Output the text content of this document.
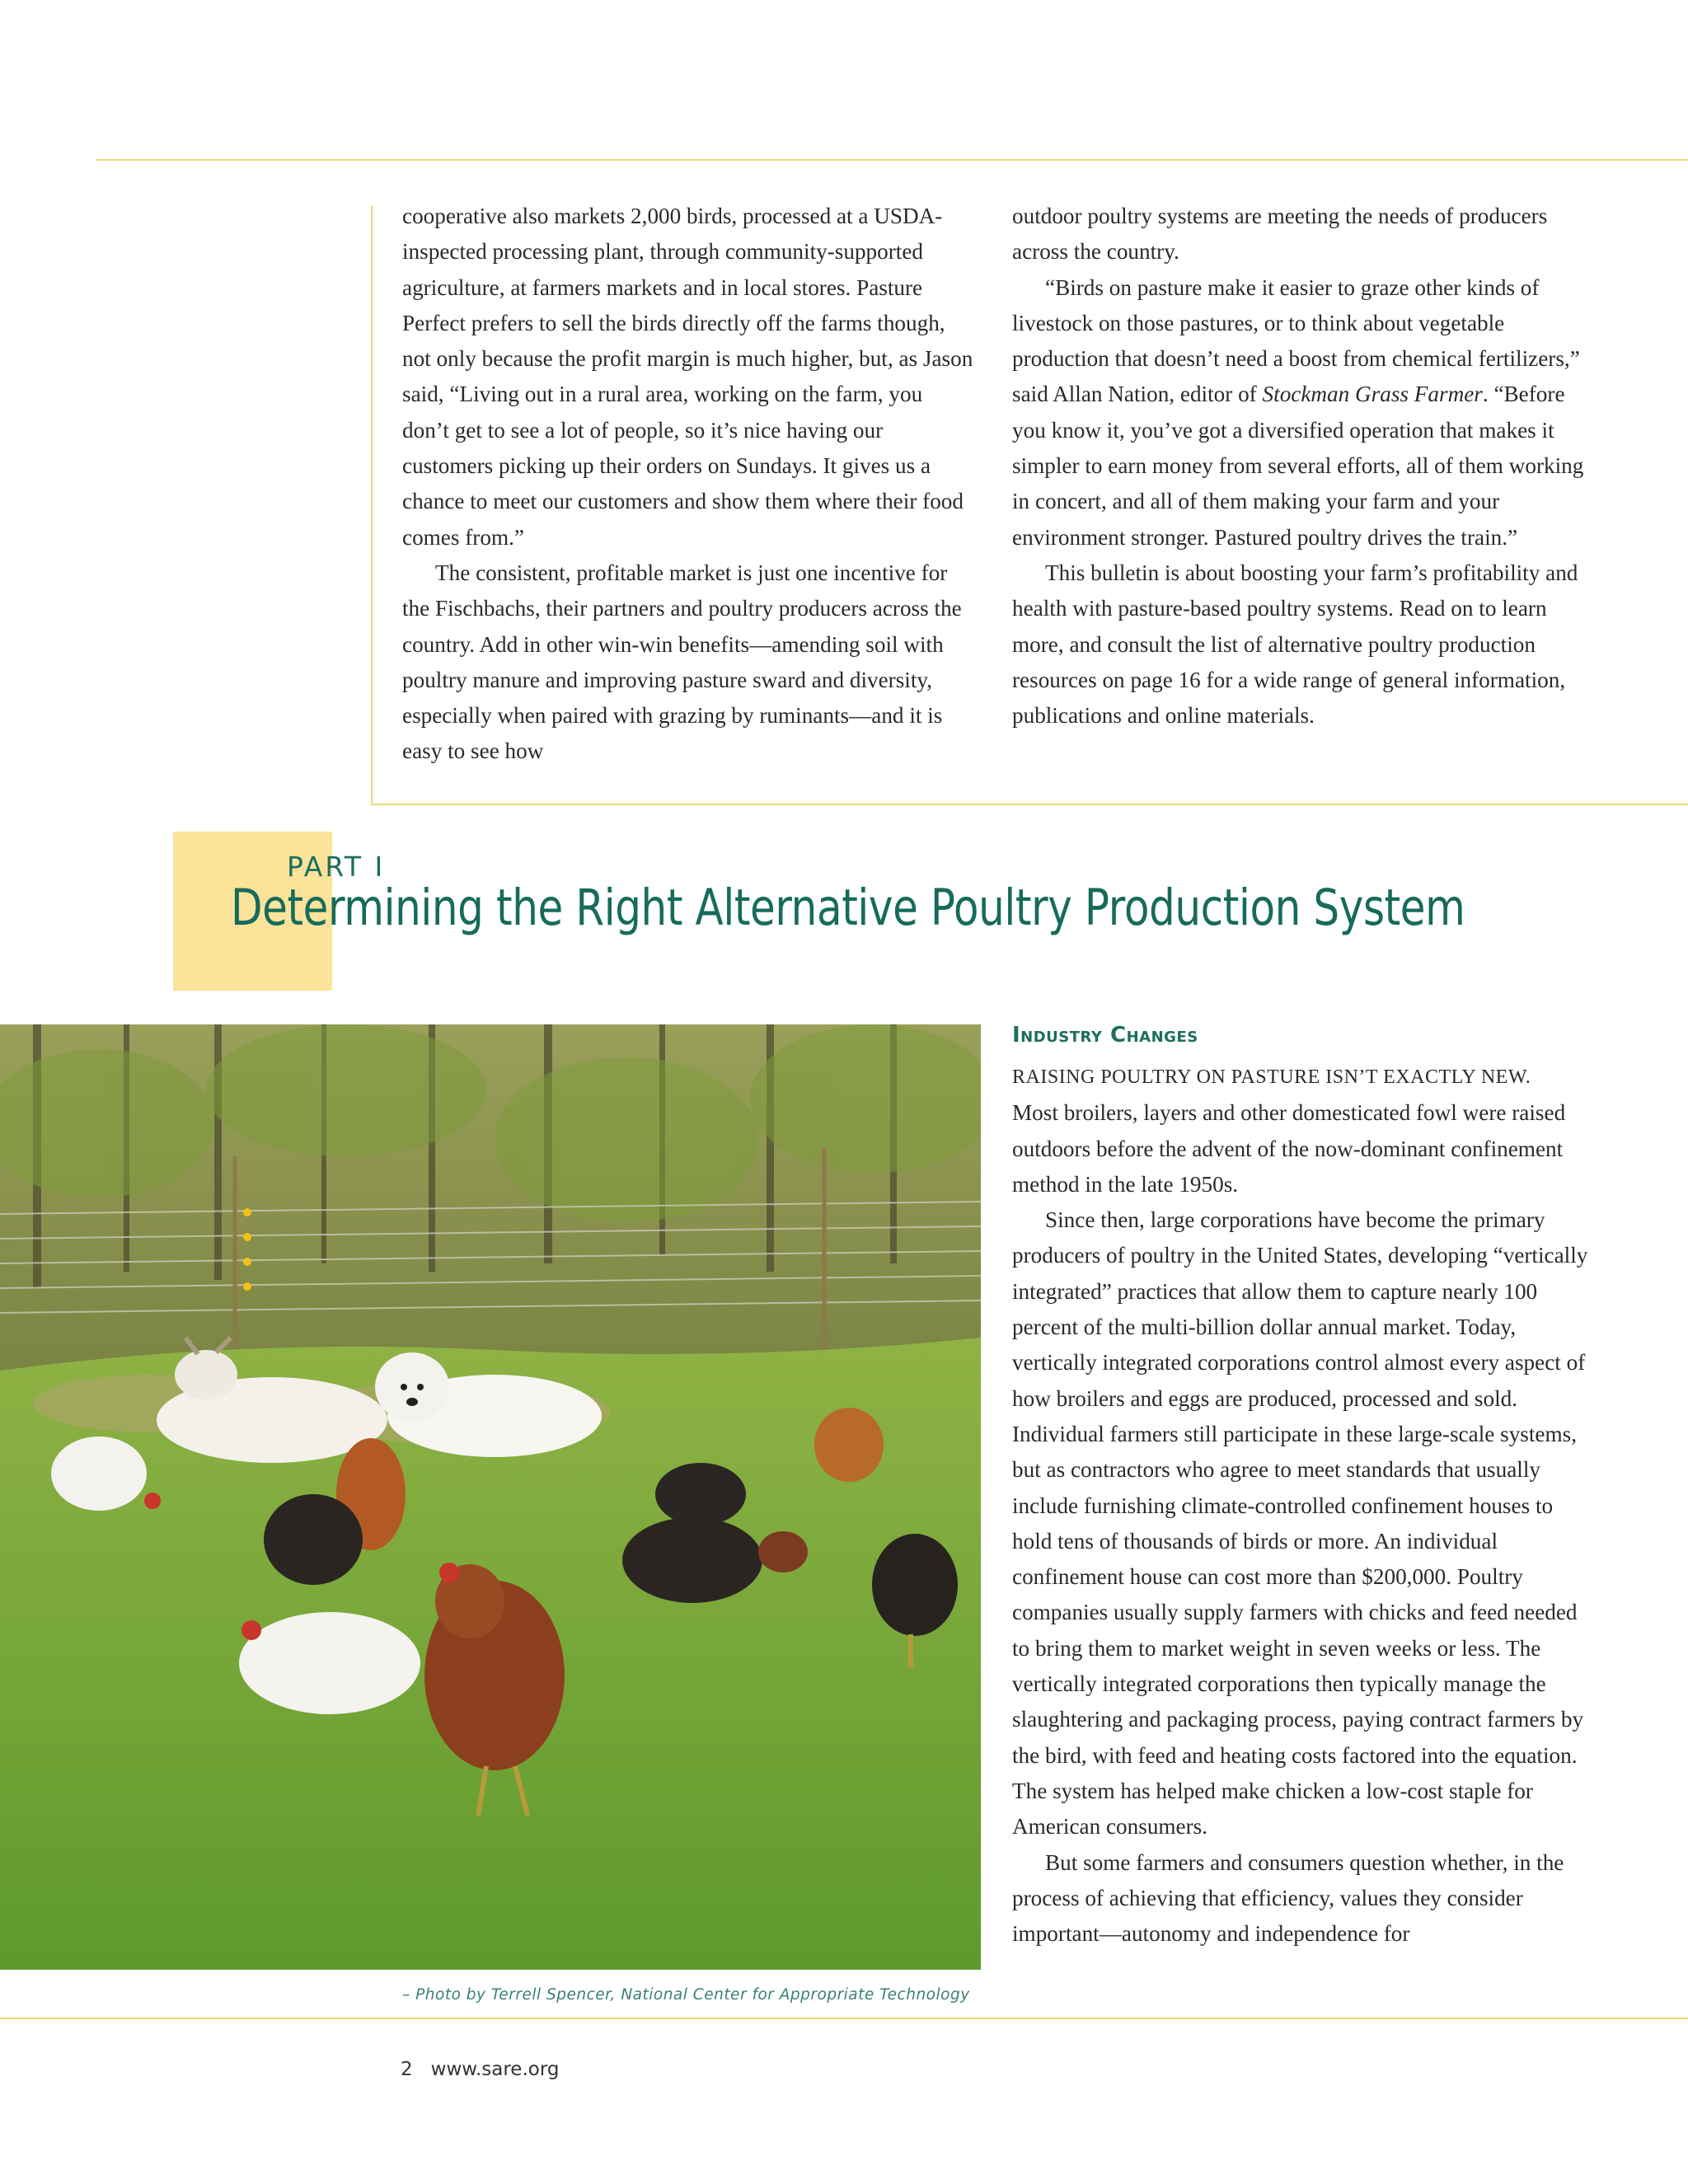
cooperative also markets 2,000 birds, processed at a USDA-inspected processing plant, through community-supported agriculture, at farmers markets and in local stores. Pasture Perfect prefers to sell the birds directly off the farms though, not only because the profit margin is much higher, but, as Jason said, “Living out in a rural area, working on the farm, you don’t get to see a lot of people, so it’s nice having our customers picking up their orders on Sundays. It gives us a chance to meet our customers and show them where their food comes from.”

The consistent, profitable market is just one incentive for the Fischbachs, their partners and poultry producers across the country. Add in other win-win benefits—amending soil with poultry manure and improving pasture sward and diversity, especially when paired with grazing by ruminants—and it is easy to see how

outdoor poultry systems are meeting the needs of producers across the country.

“Birds on pasture make it easier to graze other kinds of livestock on those pastures, or to think about vegetable production that doesn’t need a boost from chemical fertilizers,” said Allan Nation, editor of Stockman Grass Farmer. “Before you know it, you’ve got a diversified operation that makes it simpler to earn money from several efforts, all of them working in concert, and all of them making your farm and your environment stronger. Pastured poultry drives the train.”

This bulletin is about boosting your farm’s profitability and health with pasture-based poultry systems. Read on to learn more, and consult the list of alternative poultry production resources on page 16 for a wide range of general information, publications and online materials.

PART I
Determining the Right Alternative Poultry Production System
Industry Changes

RAISING POULTRY ON PASTURE ISN’T EXACTLY NEW.
Most broilers, layers and other domesticated fowl were raised outdoors before the advent of the now-dominant confinement method in the late 1950s.

Since then, large corporations have become the primary producers of poultry in the United States, developing “vertically integrated” practices that allow them to capture nearly 100 percent of the multi-billion dollar annual market. Today, vertically integrated corporations control almost every aspect of how broilers and eggs are produced, processed and sold. Individual farmers still participate in these large-scale systems, but as contractors who agree to meet standards that usually include furnishing climate-controlled confinement houses to hold tens of thousands of birds or more. An individual confinement house can cost more than $200,000. Poultry companies usually supply farmers with chicks and feed needed to bring them to market weight in seven weeks or less. The vertically integrated corporations then typically manage the slaughtering and packaging process, paying contract farmers by the bird, with feed and heating costs factored into the equation. The system has helped make chicken a low-cost staple for American consumers.

But some farmers and consumers question whether, in the process of achieving that efficiency, values they consider important—autonomy and independence for

– Photo by Terrell Spencer, National Center for Appropriate Technology
2 www.sare.org
